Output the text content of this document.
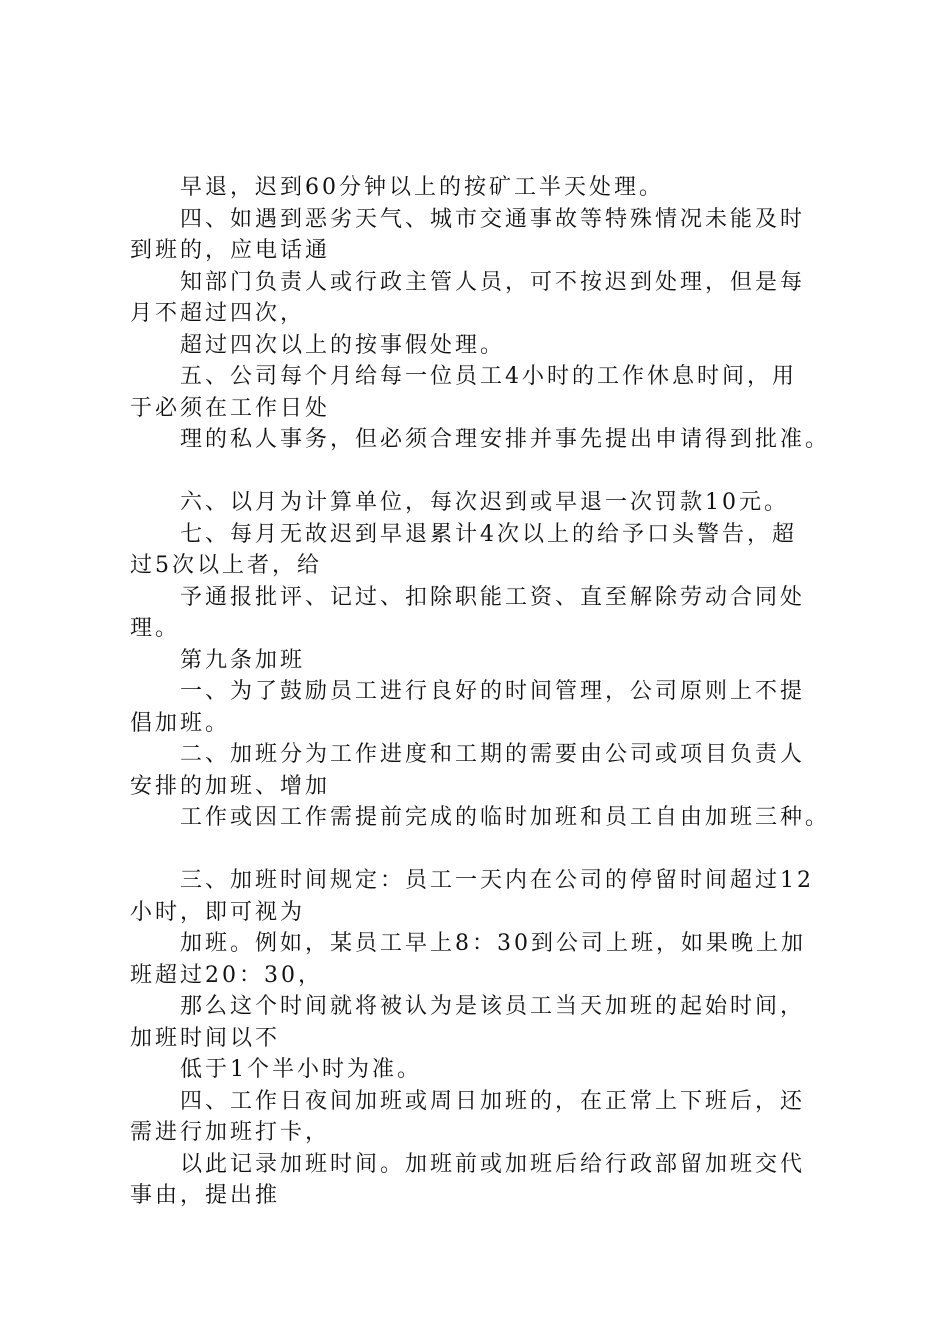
早退，迟到60分钟以上的按矿工半天处理。
四、如遇到恶劣天气、城市交通事故等特殊情况未能及时
到班的，应电话通
知部门负责人或行政主管人员，可不按迟到处理，但是每
月不超过四次，
超过四次以上的按事假处理。
五、公司每个月给每一位员工4小时的工作休息时间，用
于必须在工作日处
理的私人事务，但必须合理安排并事先提出申请得到批准。
六、以月为计算单位，每次迟到或早退一次罚款10元。
七、每月无故迟到早退累计4次以上的给予口头警告，超
过5次以上者，给
予通报批评、记过、扣除职能工资、直至解除劳动合同处
理。
第九条加班
一、为了鼓励员工进行良好的时间管理，公司原则上不提
倡加班。
二、加班分为工作进度和工期的需要由公司或项目负责人
安排的加班、增加
工作或因工作需提前完成的临时加班和员工自由加班三种。
三、加班时间规定：员工一天内在公司的停留时间超过12
小时，即可视为
加班。例如，某员工早上8：30到公司上班，如果晚上加
班超过20：30，
那么这个时间就将被认为是该员工当天加班的起始时间，
加班时间以不
低于1个半小时为准。
四、工作日夜间加班或周日加班的，在正常上下班后，还
需进行加班打卡，
以此记录加班时间。加班前或加班后给行政部留加班交代
事由，提出推
